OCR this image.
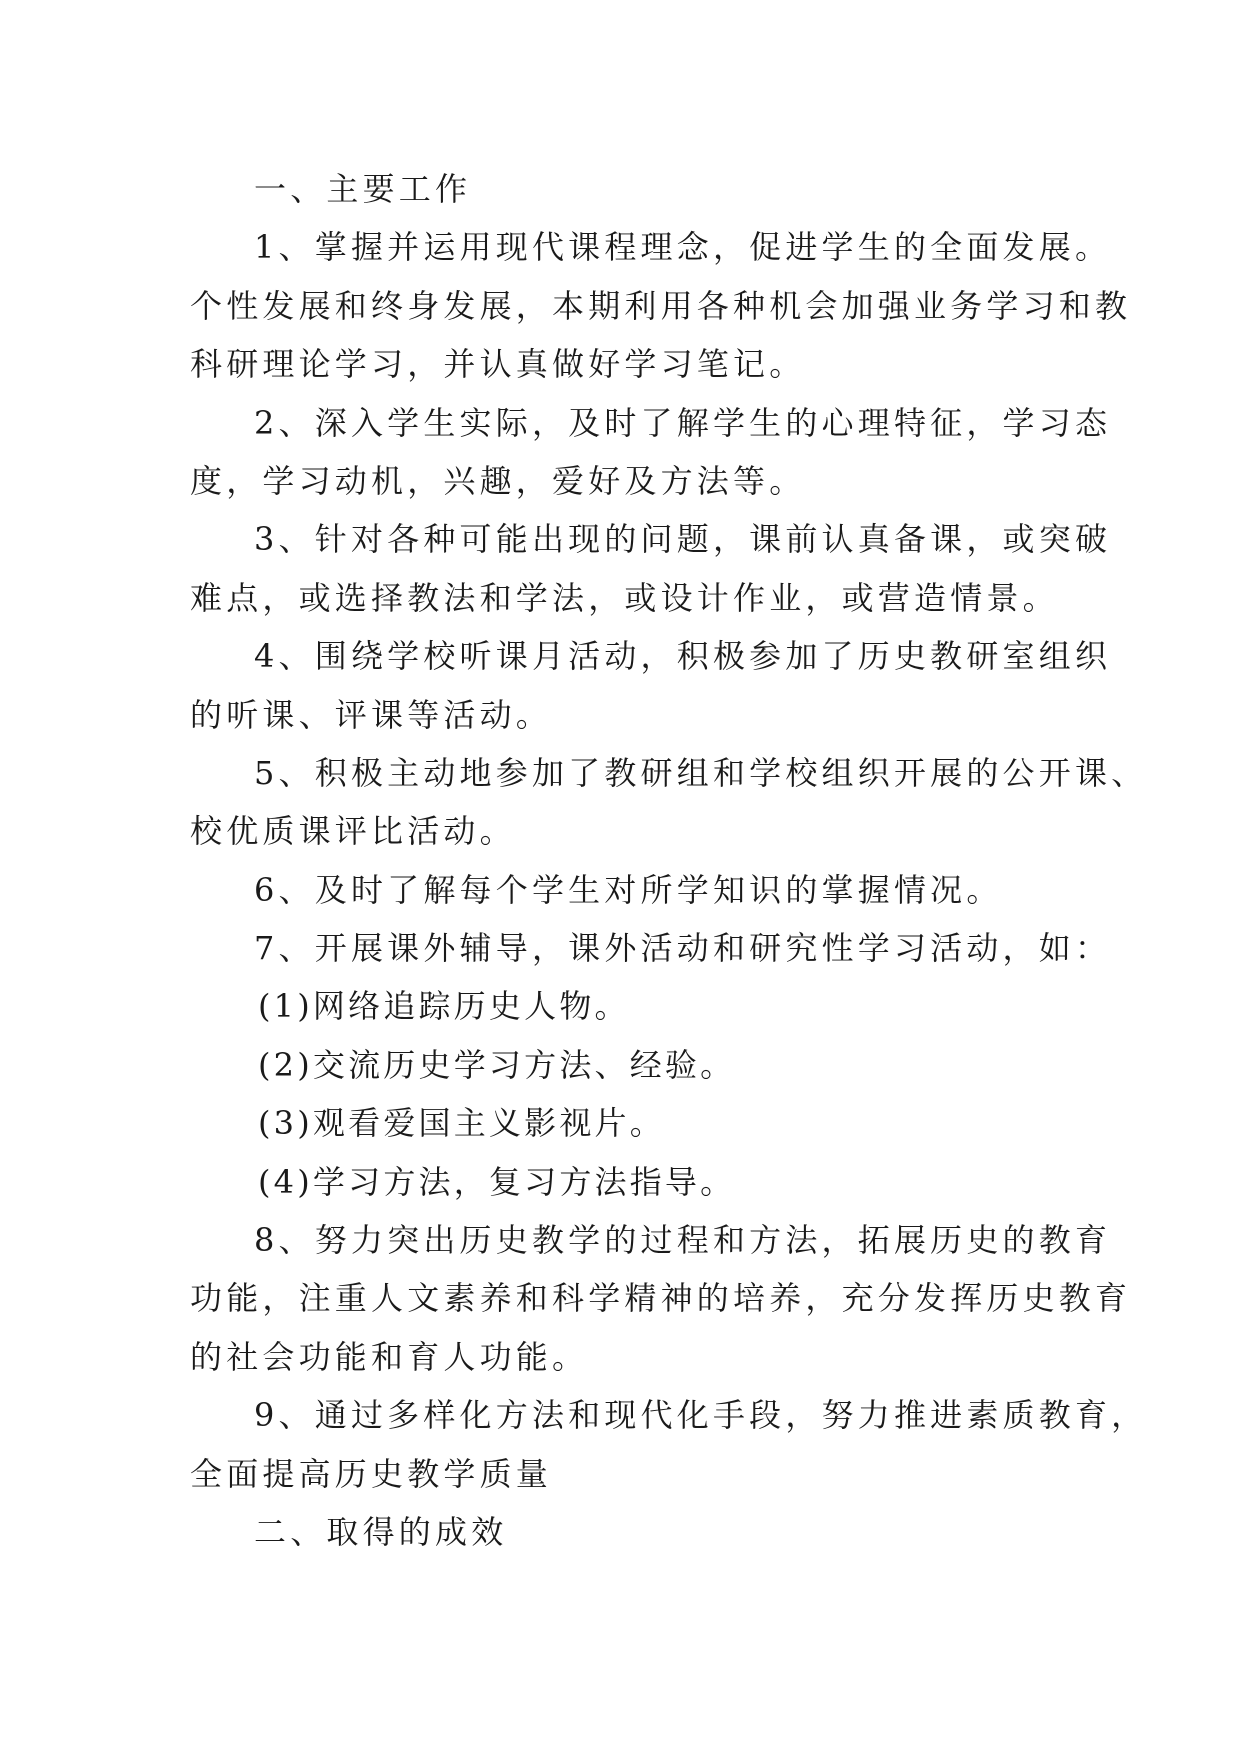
一、主要工作
1、掌握并运用现代课程理念，促进学生的全面发展。
个性发展和终身发展，本期利用各种机会加强业务学习和教
科研理论学习，并认真做好学习笔记。
2、深入学生实际，及时了解学生的心理特征，学习态
度，学习动机，兴趣，爱好及方法等。
3、针对各种可能出现的问题，课前认真备课，或突破
难点，或选择教法和学法，或设计作业，或营造情景。
4、围绕学校听课月活动，积极参加了历史教研室组织
的听课、评课等活动。
5、积极主动地参加了教研组和学校组织开展的公开课、
校优质课评比活动。
6、及时了解每个学生对所学知识的掌握情况。
7、开展课外辅导，课外活动和研究性学习活动，如：
(1)网络追踪历史人物。
(2)交流历史学习方法、经验。
(3)观看爱国主义影视片。
(4)学习方法，复习方法指导。
8、努力突出历史教学的过程和方法，拓展历史的教育
功能，注重人文素养和科学精神的培养，充分发挥历史教育
的社会功能和育人功能。
9、通过多样化方法和现代化手段，努力推进素质教育，
全面提高历史教学质量
二、取得的成效
